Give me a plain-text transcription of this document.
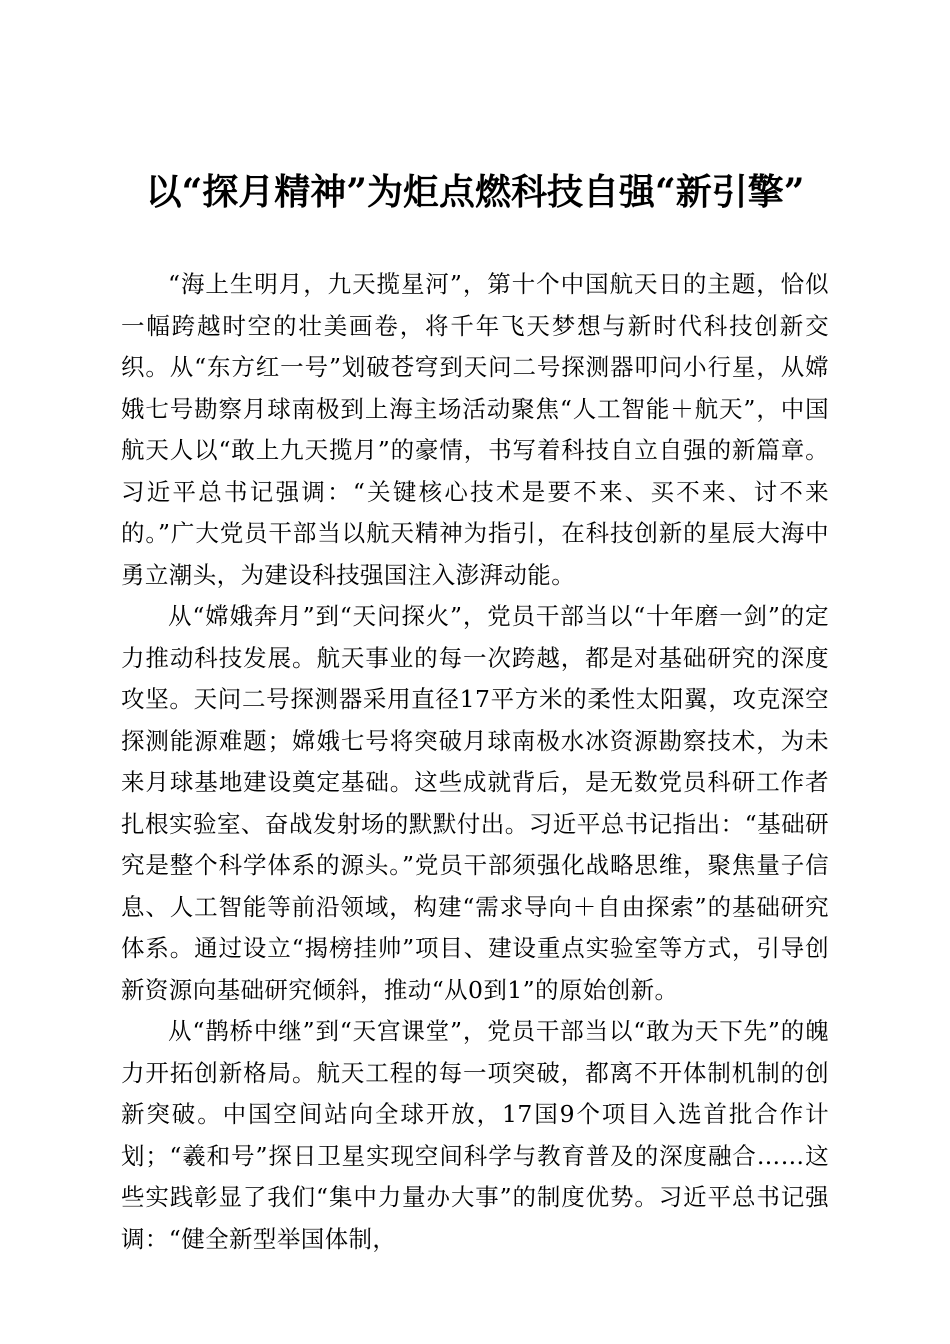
以“探月精神”为炬点燃科技自强“新引擎”

“海上生明月，九天揽星河”，第十个中国航天日的主题，恰似一幅跨越时空的壮美画卷，将千年飞天梦想与新时代科技创新交织。从“东方红一号”划破苍穹到天问二号探测器叩问小行星，从嫦娥七号勘察月球南极到上海主场活动聚焦“人工智能＋航天”，中国航天人以“敢上九天揽月”的豪情，书写着科技自立自强的新篇章。习近平总书记强调：“关键核心技术是要不来、买不来、讨不来的。”广大党员干部当以航天精神为指引，在科技创新的星辰大海中勇立潮头，为建设科技强国注入澎湃动能。

从“嫦娥奔月”到“天问探火”，党员干部当以“十年磨一剑”的定力推动科技发展。航天事业的每一次跨越，都是对基础研究的深度攻坚。天问二号探测器采用直径17平方米的柔性太阳翼，攻克深空探测能源难题；嫦娥七号将突破月球南极水冰资源勘察技术，为未来月球基地建设奠定基础。这些成就背后，是无数党员科研工作者扎根实验室、奋战发射场的默默付出。习近平总书记指出：“基础研究是整个科学体系的源头。”党员干部须强化战略思维，聚焦量子信息、人工智能等前沿领域，构建“需求导向＋自由探索”的基础研究体系。通过设立“揭榜挂帅”项目、建设重点实验室等方式，引导创新资源向基础研究倾斜，推动“从0到1”的原始创新。

从“鹊桥中继”到“天宫课堂”，党员干部当以“敢为天下先”的魄力开拓创新格局。航天工程的每一项突破，都离不开体制机制的创新突破。中国空间站向全球开放，17国9个项目入选首批合作计划；“羲和号”探日卫星实现空间科学与教育普及的深度融合……这些实践彰显了我们“集中力量办大事”的制度优势。习近平总书记强调：“健全新型举国体制，
